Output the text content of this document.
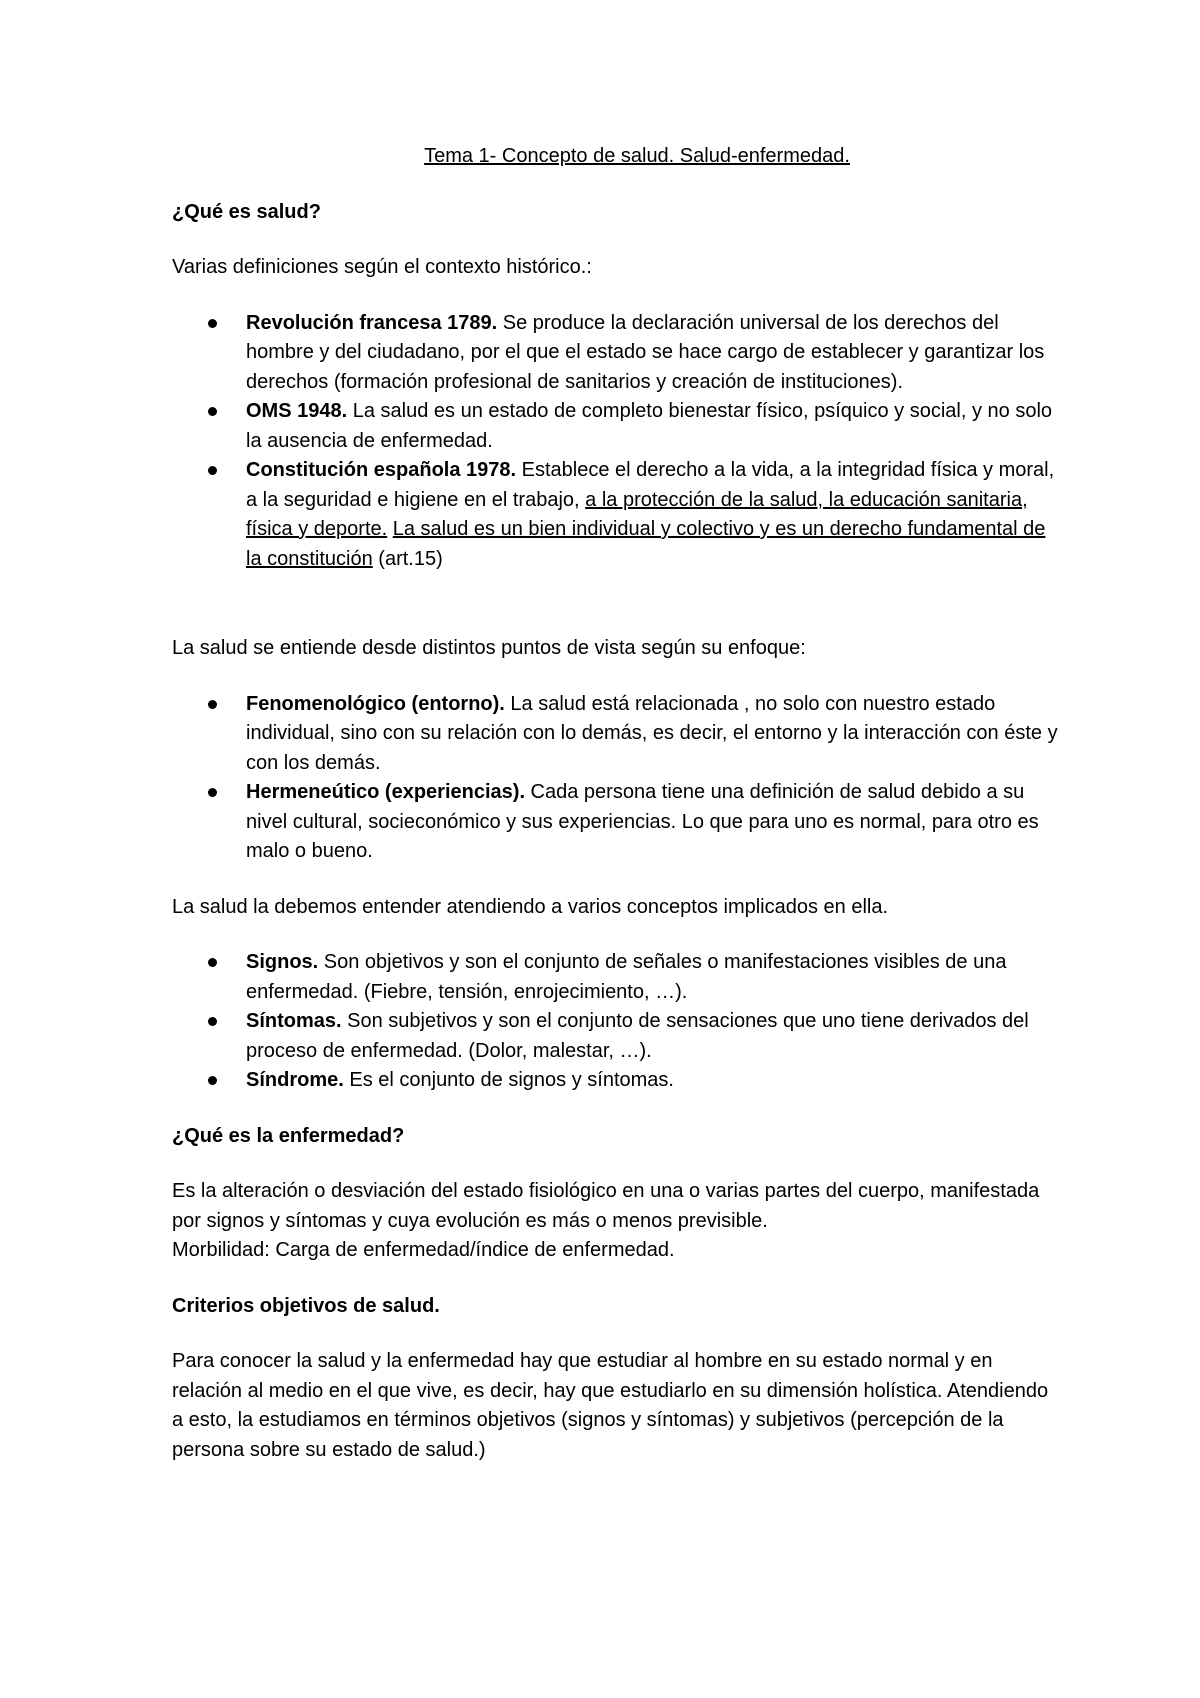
Tema 1- Concepto de salud. Salud-enfermedad.
¿Qué es salud?

Varias definiciones según el contexto histórico.:

Revolución francesa 1789. Se produce la declaración universal de los derechos del hombre y del ciudadano, por el que el estado se hace cargo de establecer y garantizar los derechos (formación profesional de sanitarios y creación de instituciones).
OMS 1948. La salud es un estado de completo bienestar físico, psíquico y social, y no solo la ausencia de enfermedad.
Constitución española 1978. Establece el derecho a la vida, a la integridad física y moral, a la seguridad e higiene en el trabajo, a la protección de la salud, la educación sanitaria, física y deporte. La salud es un bien individual y colectivo y es un derecho fundamental de la constitución (art.15)

La salud se entiende desde distintos puntos de vista según su enfoque:

Fenomenológico (entorno). La salud está relacionada , no solo con nuestro estado individual, sino con su relación con lo demás, es decir, el entorno y la interacción con éste y con los demás.
Hermeneútico (experiencias). Cada persona tiene una definición de salud debido a su nivel cultural, socieconómico y sus experiencias. Lo que para uno es normal, para otro es malo o bueno.

La salud la debemos entender atendiendo a varios conceptos implicados en ella.

Signos. Son objetivos y son el conjunto de señales o manifestaciones visibles de una enfermedad. (Fiebre, tensión, enrojecimiento, …).
Síntomas. Son subjetivos y son el conjunto de sensaciones que uno tiene derivados del proceso de enfermedad. (Dolor, malestar, …).
Síndrome. Es el conjunto de signos y síntomas.
¿Qué es la enfermedad?

Es la alteración o desviación del estado fisiológico en una o varias partes del cuerpo, manifestada por signos y síntomas y cuya evolución es más o menos previsible.
Morbilidad: Carga de enfermedad/índice de enfermedad.

Criterios objetivos de salud.

Para conocer la salud y la enfermedad hay que estudiar al hombre en su estado normal y en relación al medio en el que vive, es decir, hay que estudiarlo en su dimensión holística. Atendiendo a esto, la estudiamos en términos objetivos (signos y síntomas) y subjetivos (percepción de la persona sobre su estado de salud.)
